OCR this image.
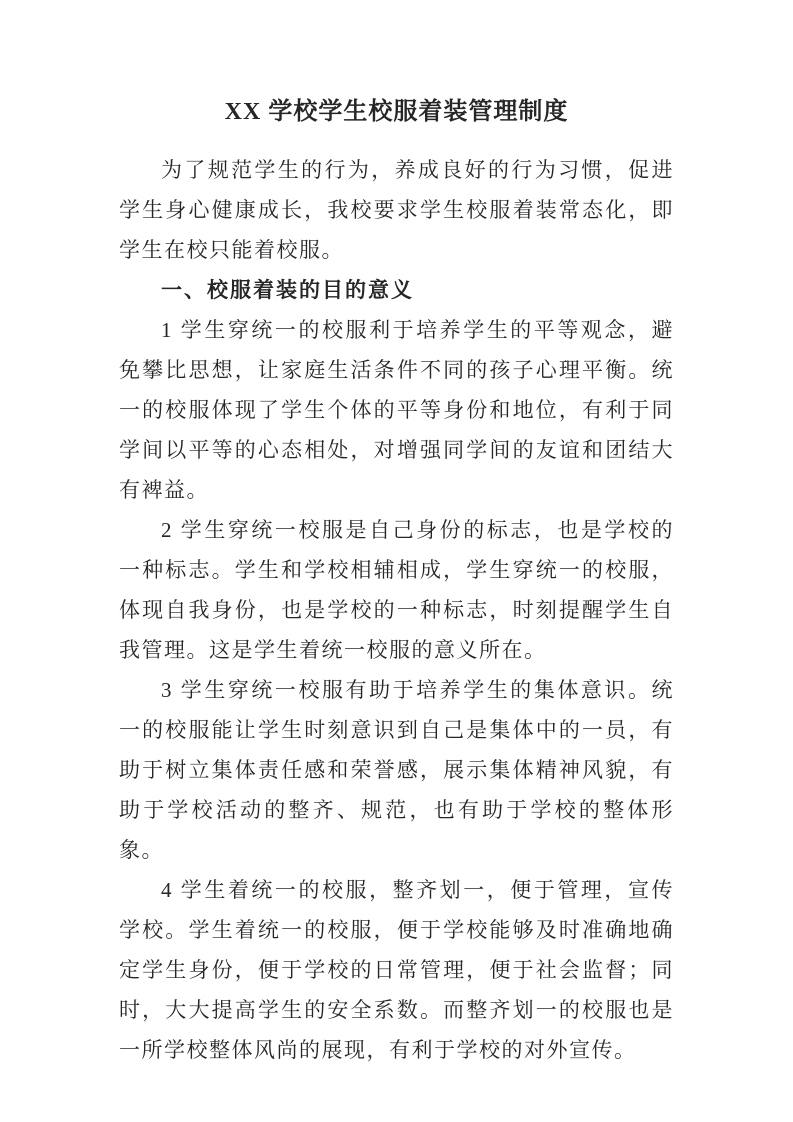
XX 学校学生校服着装管理制度

为了规范学生的行为，养成良好的行为习惯，促进学生身心健康成长，我校要求学生校服着装常态化，即学生在校只能着校服。

一、校服着装的目的意义

1 学生穿统一的校服利于培养学生的平等观念，避免攀比思想，让家庭生活条件不同的孩子心理平衡。统一的校服体现了学生个体的平等身份和地位，有利于同学间以平等的心态相处，对增强同学间的友谊和团结大有裨益。

2 学生穿统一校服是自己身份的标志，也是学校的一种标志。学生和学校相辅相成，学生穿统一的校服，体现自我身份，也是学校的一种标志，时刻提醒学生自我管理。这是学生着统一校服的意义所在。

3 学生穿统一校服有助于培养学生的集体意识。统一的校服能让学生时刻意识到自己是集体中的一员，有助于树立集体责任感和荣誉感，展示集体精神风貌，有助于学校活动的整齐、规范，也有助于学校的整体形象。

4 学生着统一的校服，整齐划一，便于管理，宣传学校。学生着统一的校服，便于学校能够及时准确地确定学生身份，便于学校的日常管理，便于社会监督；同时，大大提高学生的安全系数。而整齐划一的校服也是一所学校整体风尚的展现，有利于学校的对外宣传。
